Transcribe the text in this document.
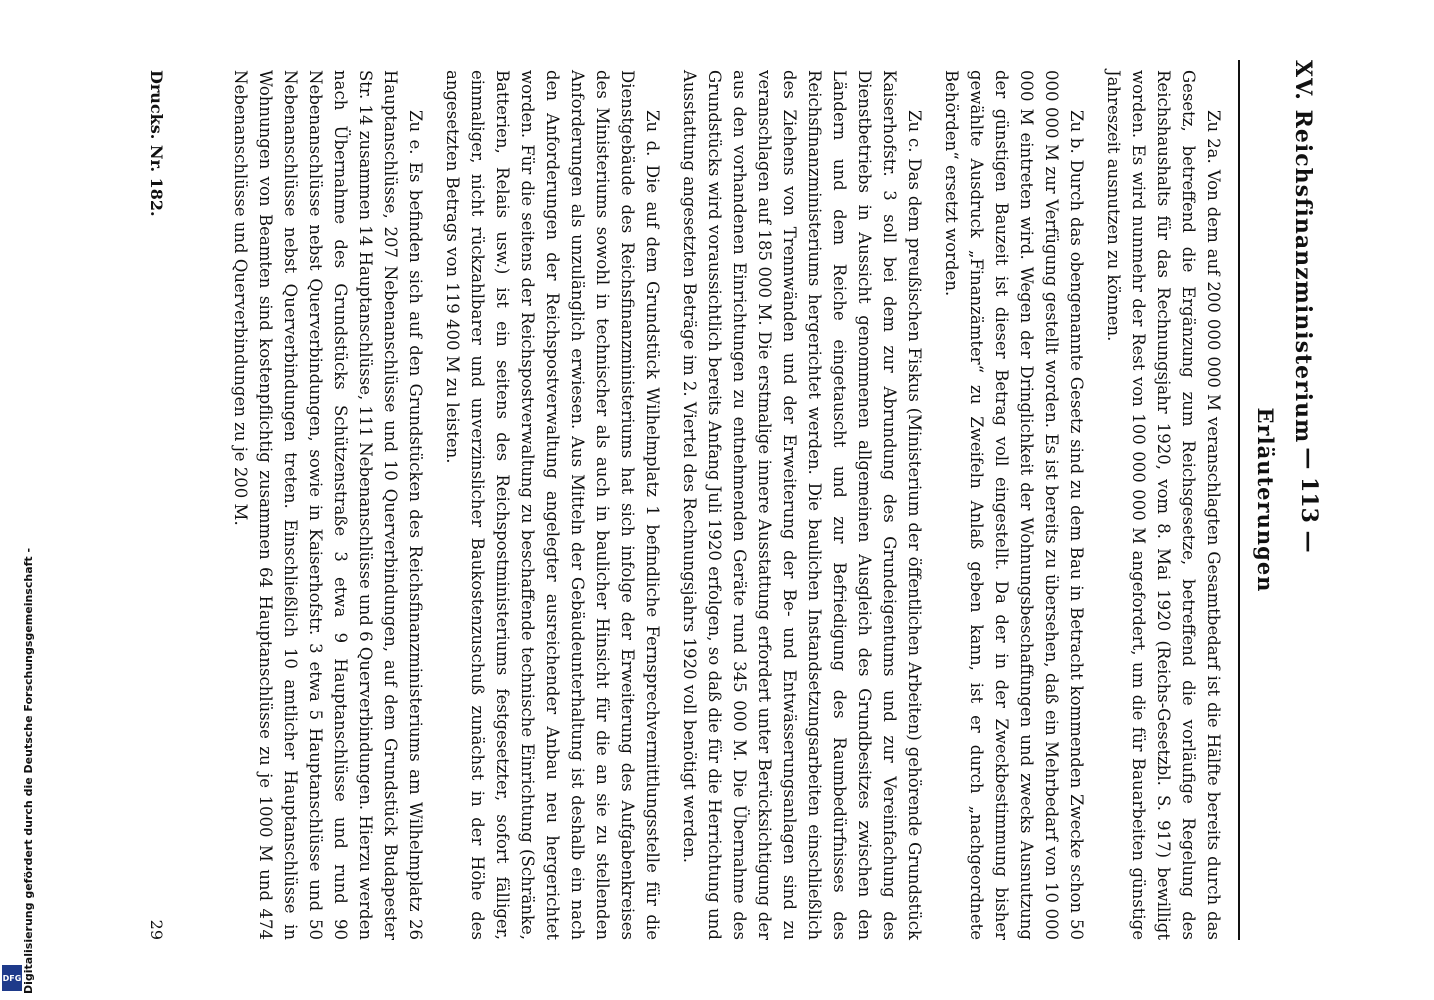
XV. Reichsfinanzministerium
— 113 —
Erläuterungen

Zu 2a. Von dem auf 200 000 000 M veranschlagten Gesamtbedarf ist die Hälfte bereits durch das Gesetz, betreffend die Ergänzung zum Reichsgesetze, betreffend die vorläufige Regelung des Reichshaushalts für das Rechnungsjahr 1920, vom 8. Mai 1920 (Reichs-Gesetzbl. S. 917) bewilligt worden. Es wird nunmehr der Rest von 100 000 000 M angefordert, um die für Bauarbeiten günstige Jahreszeit ausnutzen zu können.

Zu b. Durch das obengenannte Gesetz sind zu dem Bau in Betracht kommenden Zwecke schon 50 000 000 M zur Verfügung gestellt worden. Es ist bereits zu übersehen, daß ein Mehrbedarf von 10 000 000 M eintreten wird. Wegen der Dringlichkeit der Wohnungsbeschaffungen und zwecks Ausnutzung der günstigen Bauzeit ist dieser Betrag voll eingestellt. Da der in der Zweckbestimmung bisher gewählte Ausdruck „Finanzämter“ zu Zweifeln Anlaß geben kann, ist er durch „nachgeordnete Behörden“ ersetzt worden.

Zu c. Das dem preußischen Fiskus (Ministerium der öffentlichen Arbeiten) gehörende Grundstück Kaiserhofstr. 3 soll bei dem zur Abrundung des Grundeigentums und zur Vereinfachung des Dienstbetriebs in Aussicht genommenen allgemeinen Ausgleich des Grundbesitzes zwischen den Ländern und dem Reiche eingetauscht und zur Befriedigung des Raumbedürfnisses des Reichsfinanzministeriums hergerichtet werden. Die baulichen Instandsetzungsarbeiten einschließlich des Ziehens von Trennwänden und der Erweiterung der Be- und Entwässerungsanlagen sind zu veranschlagen auf 185 000 M. Die erstmalige innere Ausstattung erfordert unter Berücksichtigung der aus den vorhandenen Einrichtungen zu entnehmenden Geräte rund 345 000 M. Die Übernahme des Grundstücks wird voraussichtlich bereits Anfang Juli 1920 erfolgen, so daß die für die Herrichtung und Ausstattung angesetzten Beträge im 2. Viertel des Rechnungsjahrs 1920 voll benötigt werden.

Zu d. Die auf dem Grundstück Wilhelmplatz 1 befindliche Fernsprechvermittlungsstelle für die Dienstgebäude des Reichsfinanzministeriums hat sich infolge der Erweiterung des Aufgabenkreises des Ministeriums sowohl in technischer als auch in baulicher Hinsicht für die an sie zu stellenden Anforderungen als unzulänglich erwiesen. Aus Mitteln der Gebäudeunterhaltung ist deshalb ein nach den Anforderungen der Reichspostverwaltung angelegter ausreichender Anbau neu hergerichtet worden. Für die seitens der Reichspostverwaltung zu beschaffende technische Einrichtung (Schränke, Batterien, Relais usw.) ist ein seitens des Reichspostministeriums festgesetzter, sofort fälliger, einmaliger, nicht rückzahlbarer und unverzinslicher Baukostenzuschuß zunächst in der Höhe des angesetzten Betrags von 119 400 M zu leisten.

Zu e. Es befinden sich auf den Grundstücken des Reichsfinanzministeriums am Wilhelmplatz 26 Hauptanschlüsse, 207 Nebenanschlüsse und 10 Querverbindungen, auf dem Grundstück Budapester Str. 14 zusammen 14 Hauptanschlüsse, 111 Nebenanschlüsse und 6 Querverbindungen. Hierzu werden nach Übernahme des Grundstücks Schützenstraße 3 etwa 9 Hauptanschlüsse und rund 90 Nebenanschlüsse nebst Querverbindungen, sowie in Kaiserhofstr. 3 etwa 5 Hauptanschlüsse und 50 Nebenanschlüsse nebst Querverbindungen treten. Einschließlich 10 amtlicher Hauptanschlüsse in Wohnungen von Beamten sind kostenpflichtig zusammen 64 Hauptanschlüsse zu je 1000 M und 474 Nebenanschlüsse und Querverbindungen zu je 200 M.

Drucks. Nr. 182.
29
Digitalisierung gefördert durch die Deutsche Forschungsgemeinschaft -
DFG
